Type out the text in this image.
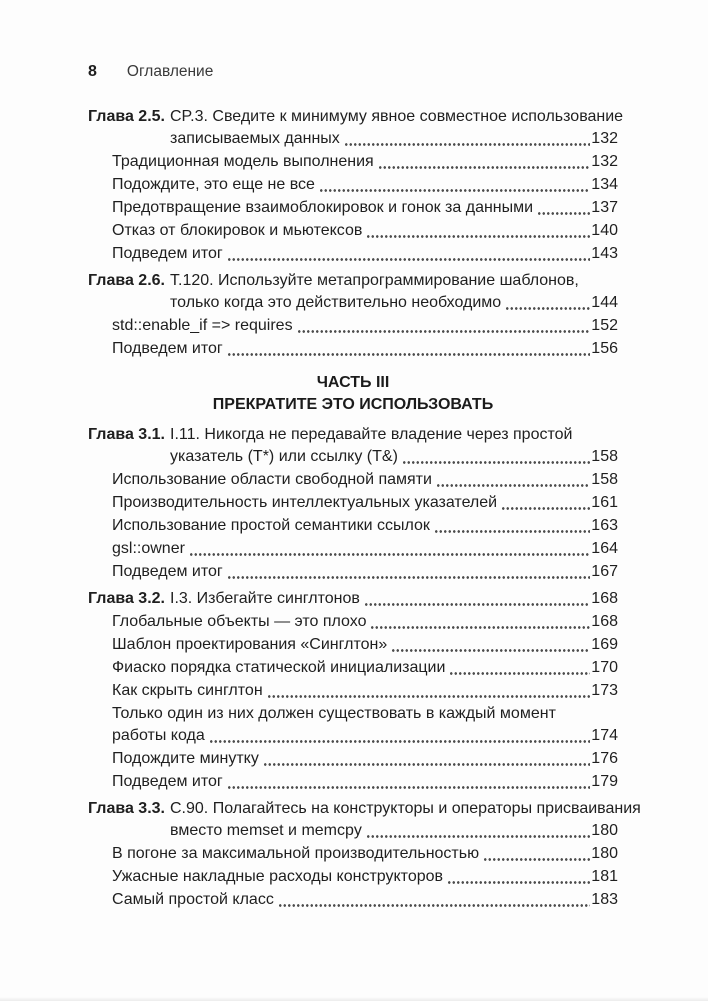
8 Оглавление
Глава 2.5. CP.3. Сведите к минимуму явное совместное использование
записываемых данных	132
Традиционная модель выполнения	132
Подождите, это еще не все	134
Предотвращение взаимоблокировок и гонок за данными	137
Отказ от блокировок и мьютексов	140
Подведем итог	143
Глава 2.6. T.120. Используйте метапрограммирование шаблонов,
только когда это действительно необходимо	144
std::enable_if => requires	152
Подведем итог	156
ЧАСТЬ III
ПРЕКРАТИТЕ ЭТО ИСПОЛЬЗОВАТЬ
Глава 3.1. I.11. Никогда не передавайте владение через простой
указатель (T*) или ссылку (T&)	158
Использование области свободной памяти	158
Производительность интеллектуальных указателей	161
Использование простой семантики ссылок	163
gsl::owner	164
Подведем итог	167
Глава 3.2. I.3. Избегайте синглтонов	168
Глобальные объекты — это плохо	168
Шаблон проектирования «Синглтон»	169
Фиаско порядка статической инициализации	170
Как скрыть синглтон	173
Только один из них должен существовать в каждый момент
работы кода	174
Подождите минутку	176
Подведем итог	179
Глава 3.3. C.90. Полагайтесь на конструкторы и операторы присваивания
вместо memset и memcpy	180
В погоне за максимальной производительностью	180
Ужасные накладные расходы конструкторов	181
Самый простой класс	183
